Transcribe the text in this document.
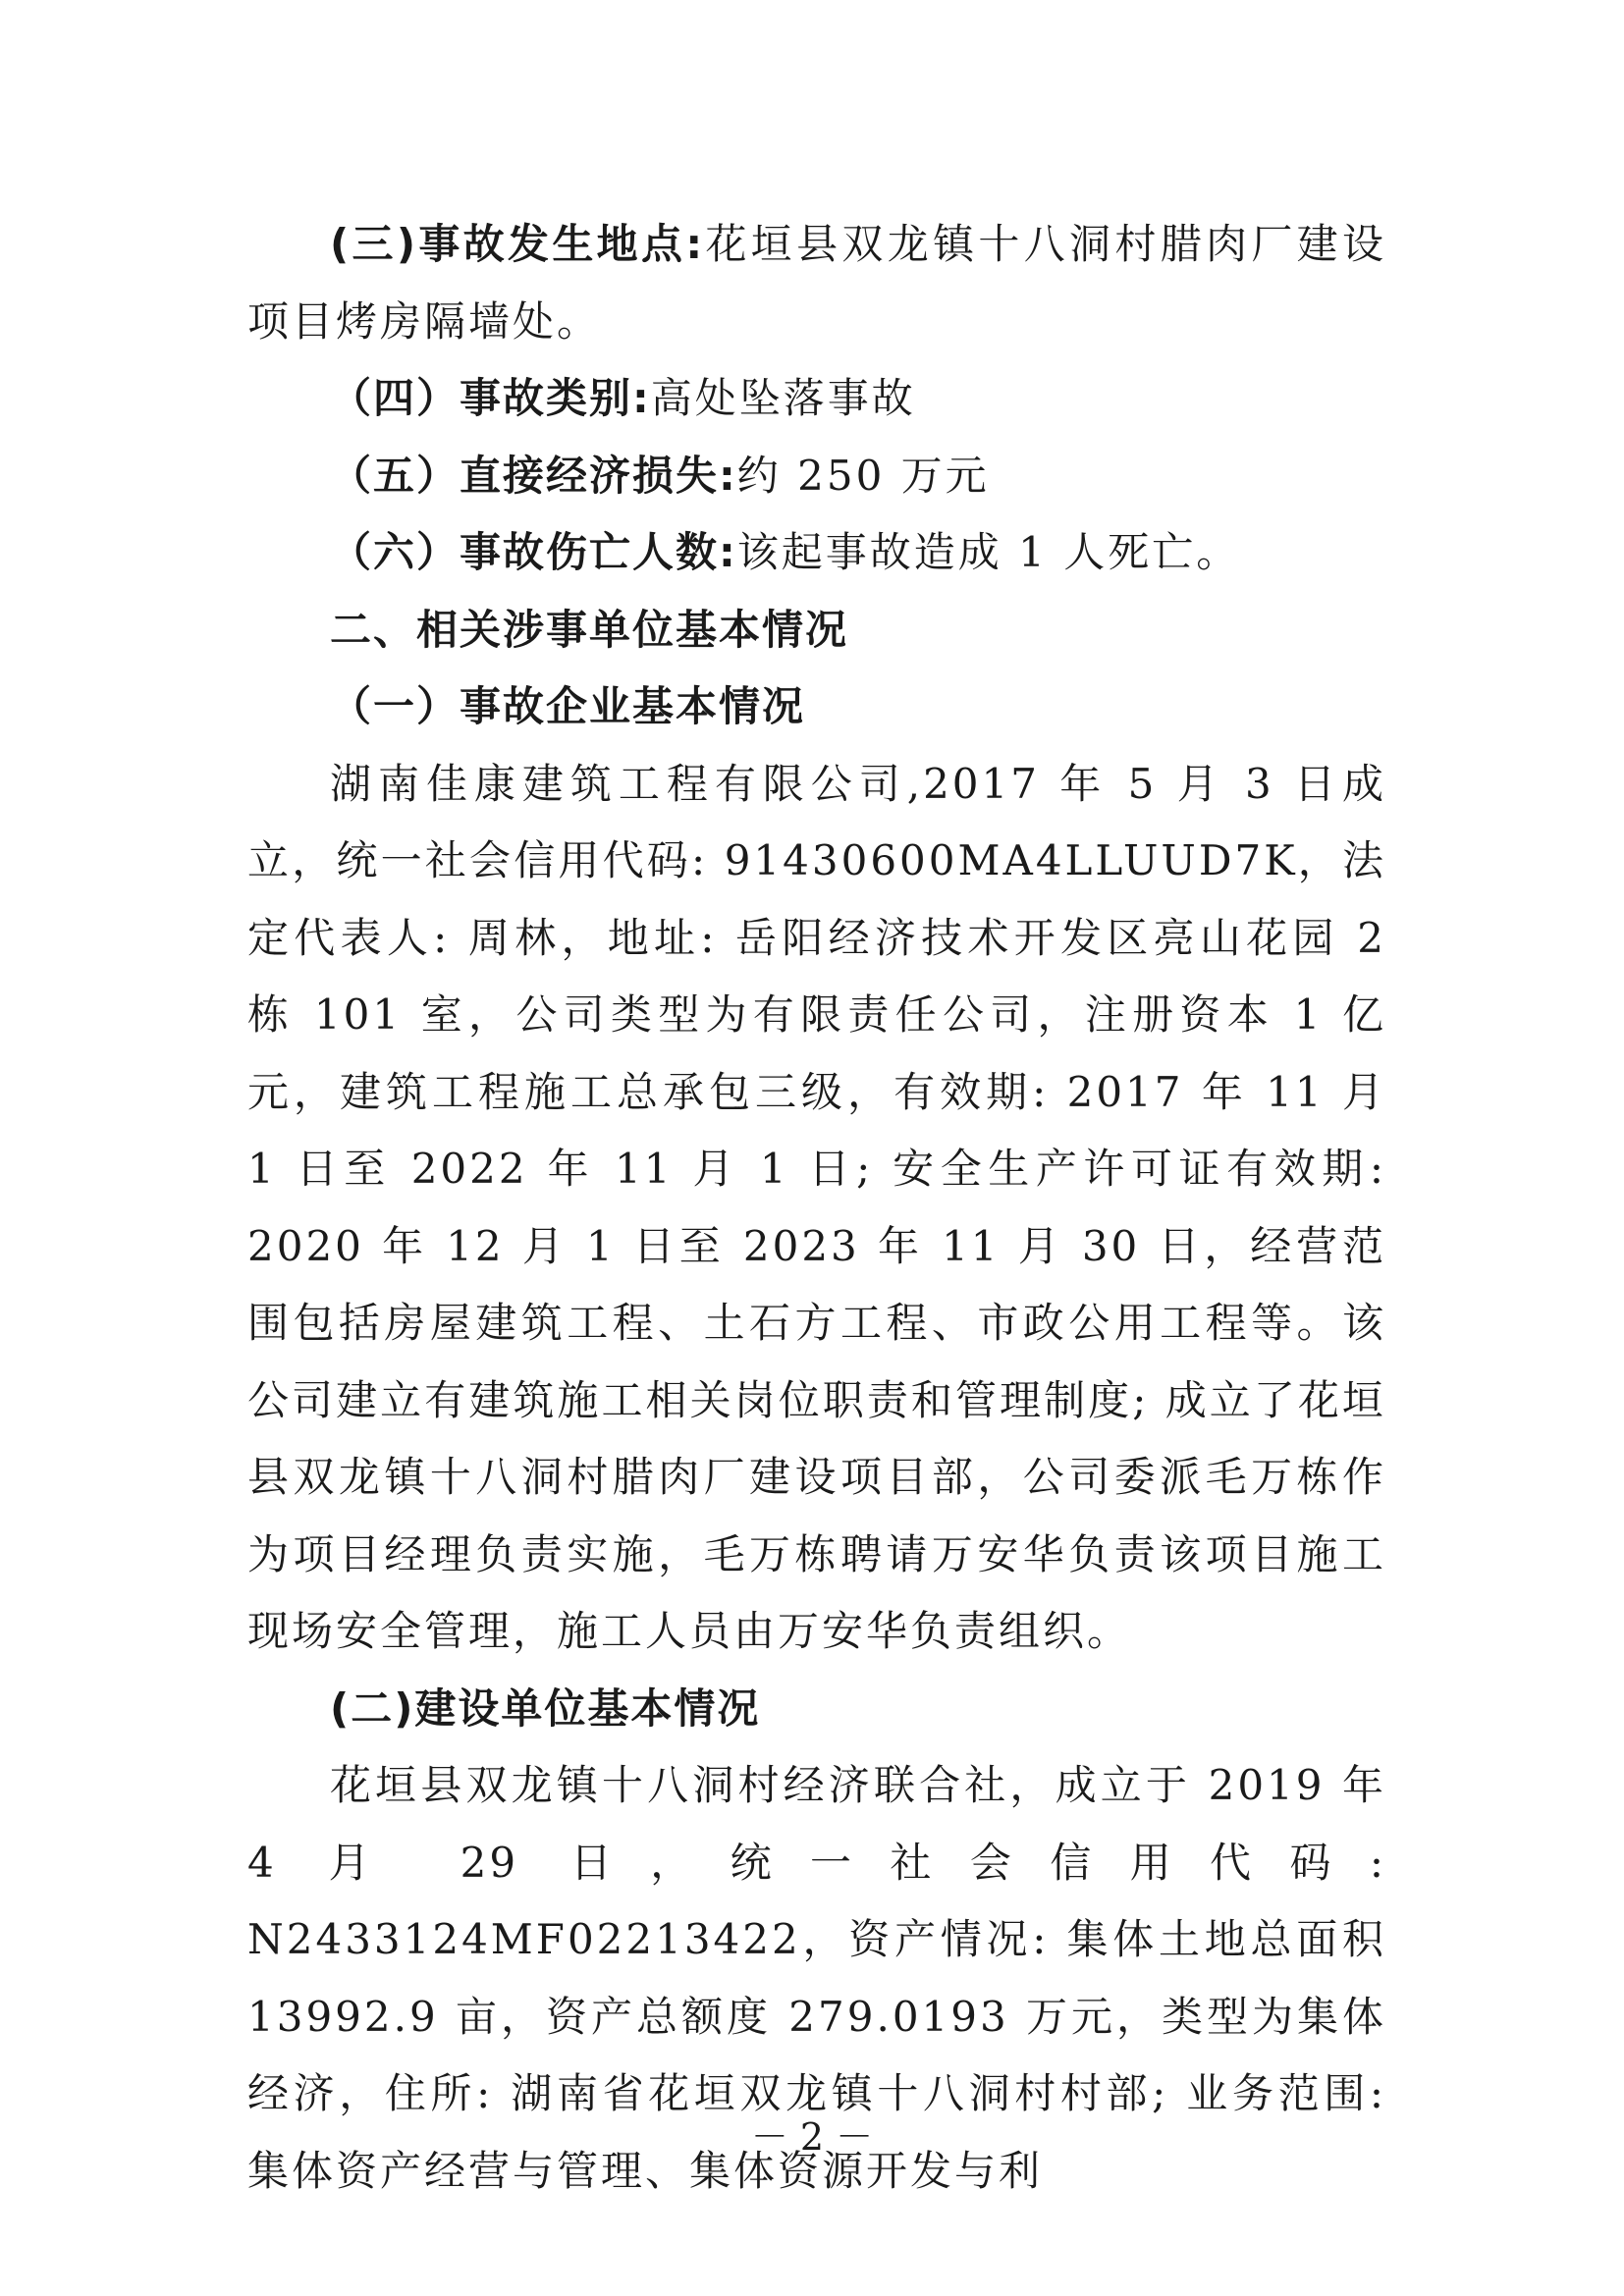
(三)事故发生地点:花垣县双龙镇十八洞村腊肉厂建设项目烤房隔墙处。

（四）事故类别:高处坠落事故

（五）直接经济损失:约 250 万元

（六）事故伤亡人数:该起事故造成 1 人死亡。

二、相关涉事单位基本情况

（一）事故企业基本情况

湖南佳康建筑工程有限公司,2017 年 5 月 3 日成立，统一社会信用代码: 91430600MA4LLUUD7K，法定代表人: 周林，地址: 岳阳经济技术开发区亮山花园 2 栋 101 室，公司类型为有限责任公司，注册资本 1 亿元，建筑工程施工总承包三级，有效期: 2017 年 11 月 1 日至 2022 年 11 月 1 日; 安全生产许可证有效期: 2020 年 12 月 1 日至 2023 年 11 月 30 日，经营范围包括房屋建筑工程、土石方工程、市政公用工程等。该公司建立有建筑施工相关岗位职责和管理制度; 成立了花垣县双龙镇十八洞村腊肉厂建设项目部，公司委派毛万栋作为项目经理负责实施，毛万栋聘请万安华负责该项目施工现场安全管理，施工人员由万安华负责组织。

(二)建设单位基本情况

花垣县双龙镇十八洞村经济联合社，成立于 2019 年 4 月 29 日，统一社会信用代码: N2433124MF02213422，资产情况: 集体土地总面积 13992.9 亩，资产总额度 279.0193 万元，类型为集体经济，住所: 湖南省花垣双龙镇十八洞村村部; 业务范围: 集体资产经营与管理、集体资源开发与利

－ 2 －
